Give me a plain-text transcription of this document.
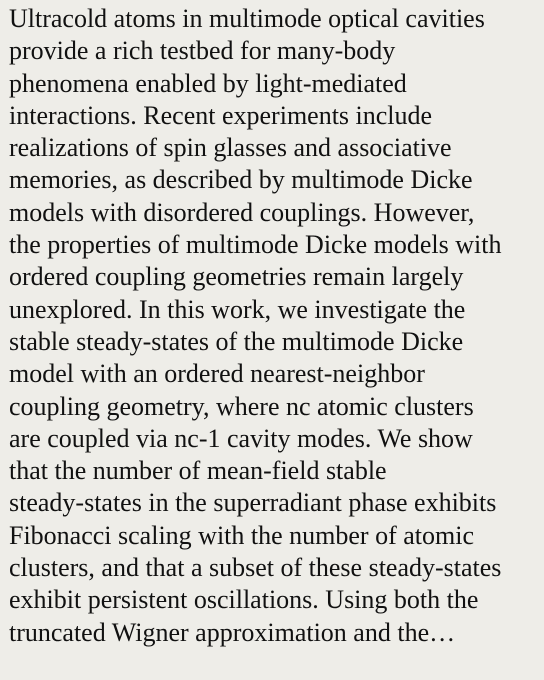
Ultracold atoms in multimode optical cavities
provide a rich testbed for many-body
phenomena enabled by light-mediated
interactions. Recent experiments include
realizations of spin glasses and associative
memories, as described by multimode Dicke
models with disordered couplings. However,
the properties of multimode Dicke models with
ordered coupling geometries remain largely
unexplored. In this work, we investigate the
stable steady-states of the multimode Dicke
model with an ordered nearest-neighbor
coupling geometry, where nc atomic clusters
are coupled via nc-1 cavity modes. We show
that the number of mean-field stable
steady-states in the superradiant phase exhibits
Fibonacci scaling with the number of atomic
clusters, and that a subset of these steady-states
exhibit persistent oscillations. Using both the
truncated Wigner approximation and the…
